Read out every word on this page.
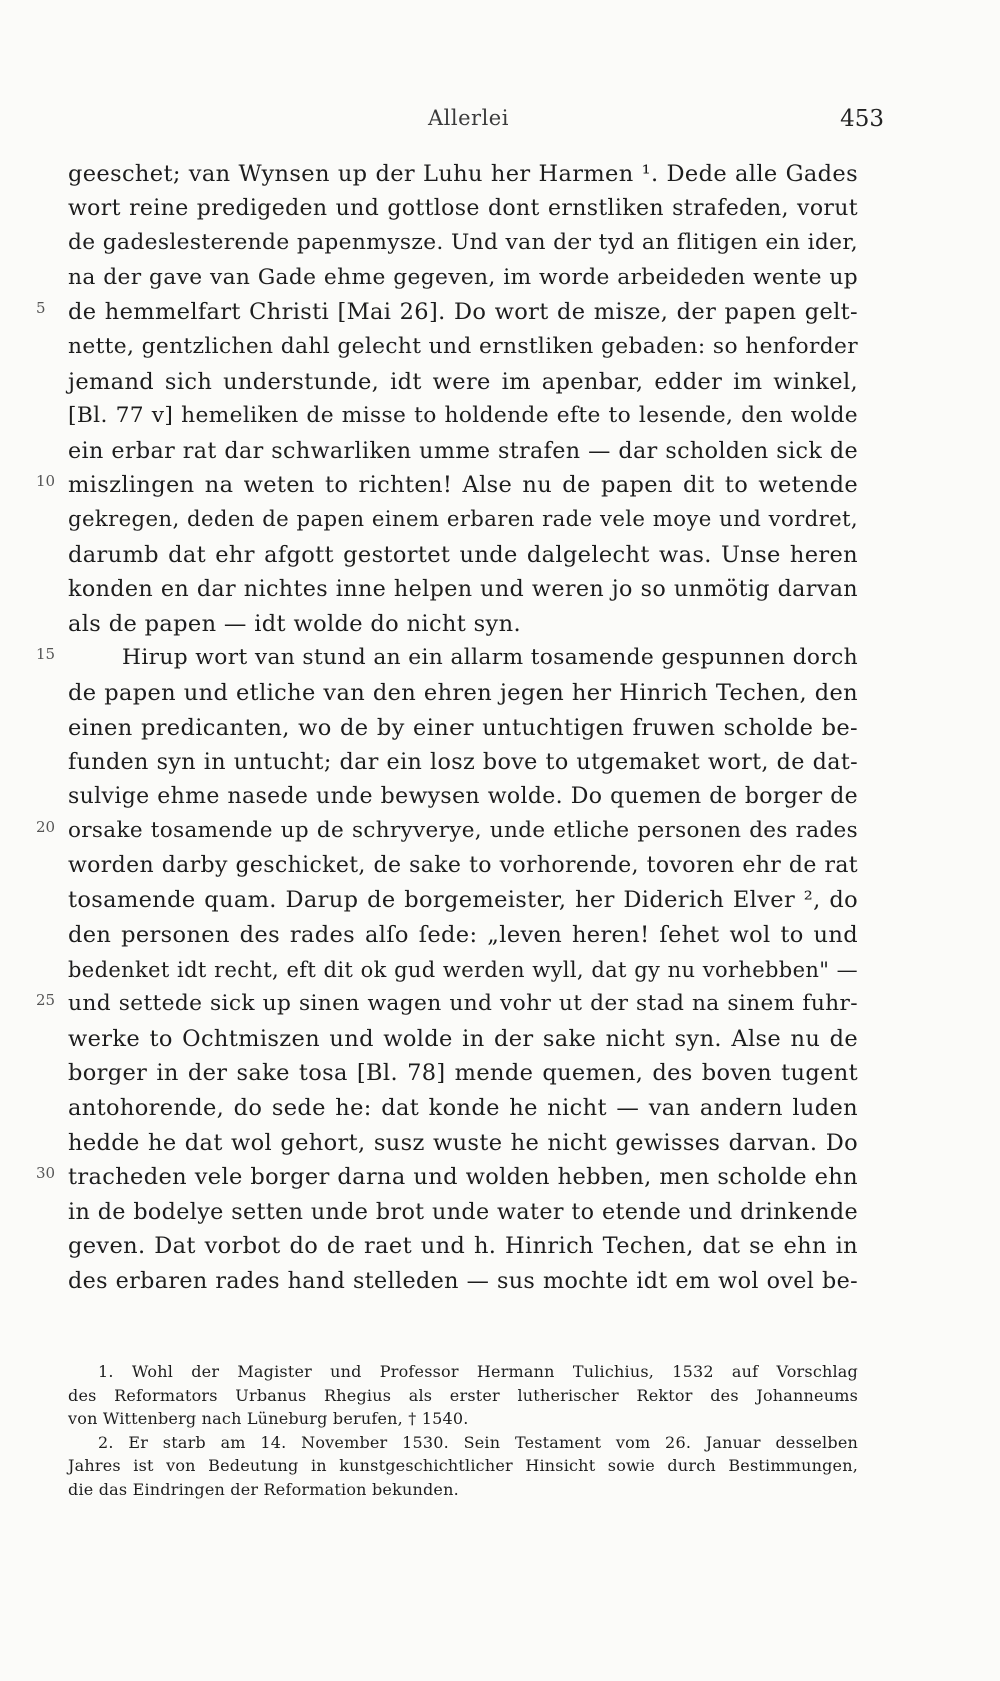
Allerlei	453
geeschet; van Wynsen up der Luhu her Harmen ¹. Dede alle Gades
wort reine predigeden und gottlose dont ernstliken strafeden, vorut
de gadeslesterende papenmysze. Und van der tyd an flitigen ein ider,
na der gave van Gade ehme gegeven, im worde arbeideden wente up
5 de hemmelfart Christi [Mai 26]. Do wort de misze, der papen gelt-
nette, gentzlichen dahl gelecht und ernstliken gebaden: so henforder
jemand sich understunde, idt were im apenbar, edder im winkel,
[Bl. 77 v] hemeliken de misse to holdende efte to lesende, den wolde
ein erbar rat dar schwarliken umme strafen — dar scholden sick de
10 miszlingen na weten to richten! Alse nu de papen dit to wetende
gekregen, deden de papen einem erbaren rade vele moye und vordret,
darumb dat ehr afgott gestortet unde dalgelecht was. Unse heren
konden en dar nichtes inne helpen und weren jo so unmötig darvan
als de papen — idt wolde do nicht syn.
15	Hirup wort van stund an ein allarm tosamende gespunnen dorch
de papen und etliche van den ehren jegen her Hinrich Techen, den
einen predicanten, wo de by einer untuchtigen fruwen scholde be-
funden syn in untucht; dar ein losz bove to utgemaket wort, de dat-
sulvige ehme nasede unde bewysen wolde. Do quemen de borger de
20 orsake tosamende up de schryverye, unde etliche personen des rades
worden darby geschicket, de sake to vorhorende, tovoren ehr de rat
tosamende quam. Darup de borgemeister, her Diderich Elver ², do
den personen des rades alſo ſede: „leven heren! ſehet wol to und
bedenket idt recht, eft dit ok gud werden wyll, dat gy nu vorhebben" —
25 und settede sick up sinen wagen und vohr ut der stad na sinem fuhr-
werke to Ochtmiszen und wolde in der sake nicht syn. Alse nu de
borger in der sake tosa [Bl. 78] mende quemen, des boven tugent
antohorende, do sede he: dat konde he nicht — van andern luden
hedde he dat wol gehort, susz wuste he nicht gewisses darvan. Do
30 tracheden vele borger darna und wolden hebben, men scholde ehn
in de bodelye setten unde brot unde water to etende und drinkende
geven. Dat vorbot do de raet und h. Hinrich Techen, dat se ehn in
des erbaren rades hand stelleden — sus mochte idt em wol ovel be-
1. Wohl der Magister und Professor Hermann Tulichius, 1532 auf Vorschlag
des Reformators Urbanus Rhegius als erster lutherischer Rektor des Johanneums
von Wittenberg nach Lüneburg berufen, † 1540.
2. Er starb am 14. November 1530. Sein Testament vom 26. Januar desselben
Jahres ist von Bedeutung in kunstgeschichtlicher Hinsicht sowie durch Bestimmungen,
die das Eindringen der Reformation bekunden.
